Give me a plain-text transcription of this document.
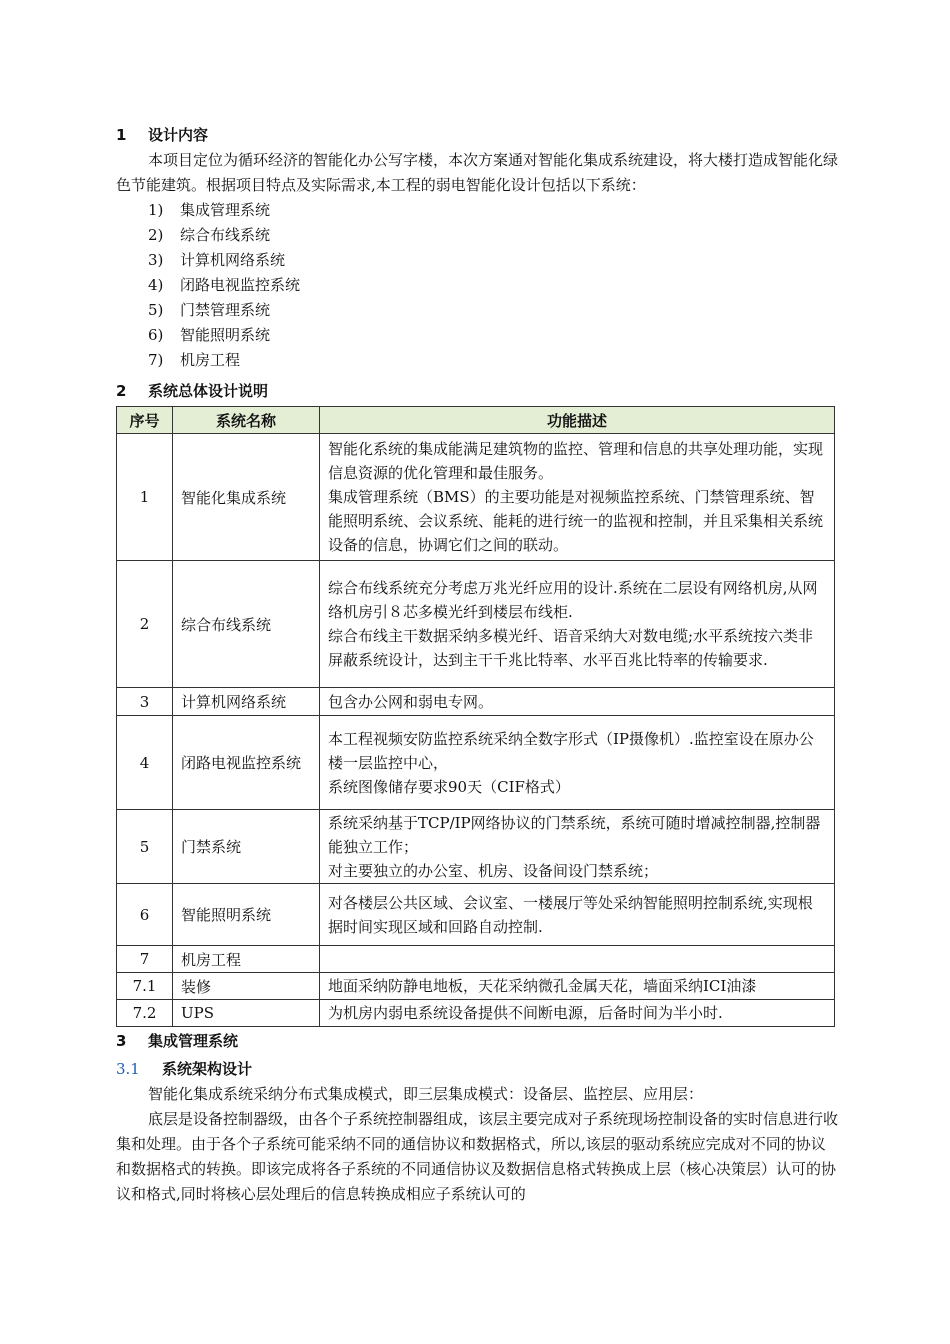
1 设计内容
本项目定位为循环经济的智能化办公写字楼，本次方案通对智能化集成系统建设，将大楼打造成智能化绿色节能建筑。根据项目特点及实际需求,本工程的弱电智能化设计包括以下系统：
1) 集成管理系统
2) 综合布线系统
3) 计算机网络系统
4) 闭路电视监控系统
5) 门禁管理系统
6) 智能照明系统
7) 机房工程
2 系统总体设计说明
序号	系统名称	功能描述
1	智能化集成系统	智能化系统的集成能满足建筑物的监控、管理和信息的共享处理功能，实现信息资源的优化管理和最佳服务。

集成管理系统（BMS）的主要功能是对视频监控系统、门禁管理系统、智能照明系统、会议系统、能耗的进行统一的监视和控制，并且采集相关系统设备的信息，协调它们之间的联动。

2	综合布线系统	综合布线系统充分考虑万兆光纤应用的设计.系统在二层设有网络机房,从网络机房引８芯多模光纤到楼层布线柜.

综合布线主干数据采纳多模光纤、语音采纳大对数电缆;水平系统按六类非屏蔽系统设计，达到主干千兆比特率、水平百兆比特率的传输要求.

3	计算机网络系统	包含办公网和弱电专网。

4	闭路电视监控系统	本工程视频安防监控系统采纳全数字形式（IP摄像机）.监控室设在原办公楼一层监控中心，

系统图像储存要求90天（CIF格式）

5	门禁系统	系统采纳基于TCP/IP网络协议的门禁系统，系统可随时增减控制器,控制器能独立工作；

对主要独立的办公室、机房、设备间设门禁系统；

6	智能照明系统	对各楼层公共区域、会议室、一楼展厅等处采纳智能照明控制系统,实现根据时间实现区域和回路自动控制.

7	机房工程	

7.1	装修	地面采纳防静电地板，天花采纳微孔金属天花，墙面采纳ICI油漆

7.2	UPS	为机房内弱电系统设备提供不间断电源，后备时间为半小时.

3 集成管理系统
3.1 系统架构设计
智能化集成系统采纳分布式集成模式，即三层集成模式：设备层、监控层、应用层：
底层是设备控制器级，由各个子系统控制器组成，该层主要完成对子系统现场控制设备的实时信息进行收集和处理。由于各个子系统可能采纳不同的通信协议和数据格式，所以,该层的驱动系统应完成对不同的协议和数据格式的转换。即该完成将各子系统的不同通信协议及数据信息格式转换成上层（核心决策层）认可的协议和格式,同时将核心层处理后的信息转换成相应子系统认可的
